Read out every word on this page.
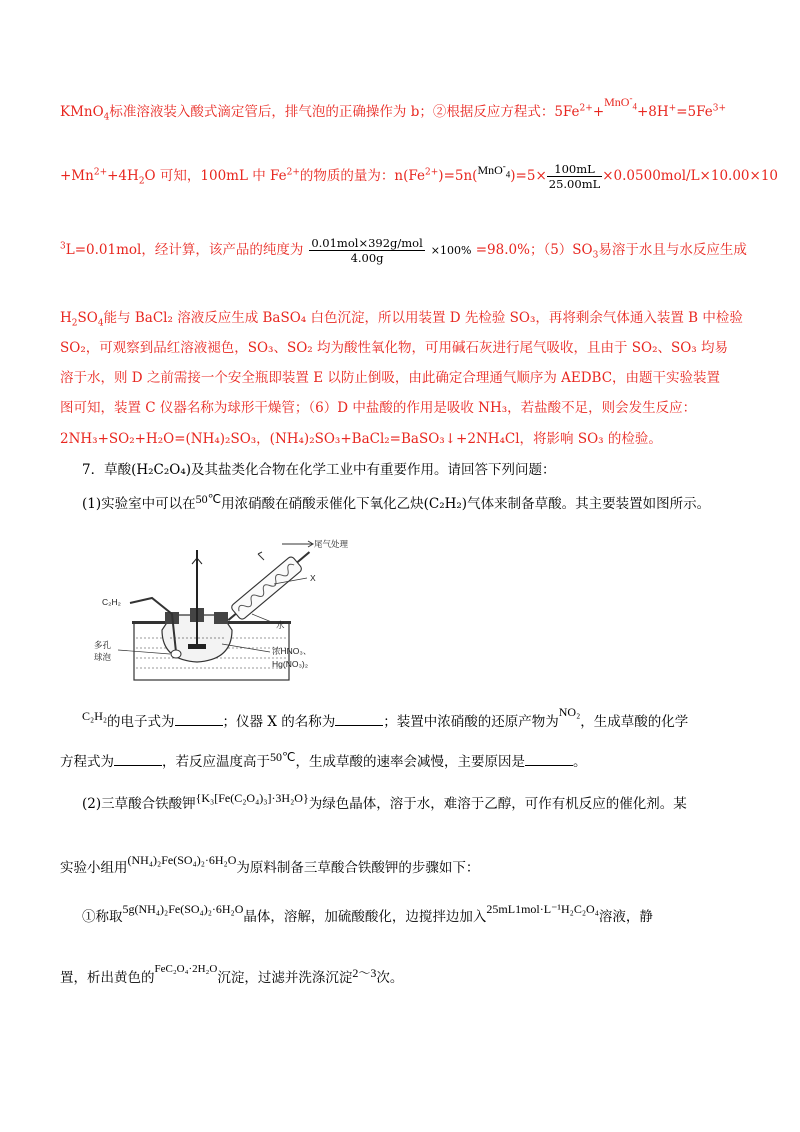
KMnO$_4$标准溶液装入酸式滴定管后，排气泡的正确操作为 b；②根据反应方程式：$5Fe^{2+}+MnO^-_4+8H^+=5Fe^{3+}$
$+Mn^{2+}+4H_2O$ 可知，100mL 中 $Fe^{2+}$的物质的量为：$n(Fe^{2+})=5n(MnO^-_4)=5\times \frac{100mL}{25.00mL} \times 0.0500mol/L\times 10.00\times 10$
$^3$L=0.01mol，经计算，该产品的纯度为 $\frac{\text{0.01mol×392g/mol}}{4.00g} \times 100\% =98.0\%$；$(5)SO_3$易溶于水且与水反应生成
$H_2SO_4$能与 BaCl₂ 溶液反应生成 BaSO₄ 白色沉淀，所以用装置 D 先检验 SO₃，再将剩余气体通入装置 B 中检验
SO₂，可观察到品红溶液褪色，SO₃、SO₂ 均为酸性氧化物，可用碱石灰进行尾气吸收，且由于 SO₂、SO₃ 均易
溶于水，则 D 之前需接一个安全瓶即装置 E 以防止倒吸，由此确定合理通气顺序为 AEDBC，由题干实验装置
图可知，装置 C 仪器名称为球形干燥管；（6）D 中盐酸的作用是吸收 NH₃，若盐酸不足，则会发生反应：
2NH₃+SO₂+H₂O=(NH₄)₂SO₃，(NH₄)₂SO₃+BaCl₂=BaSO₃↓+2NH₄Cl，将影响 SO₃ 的检验。
7．草酸(H₂C₂O₄)及其盐类化合物在化学工业中有重要作用。请回答下列问题：
(1)实验室中可以在50℃用浓硝酸在硝酸汞催化下氧化乙炔(C₂H₂)气体来制备草酸。其主要装置如图所示。
C₂H₂
尾气处理
X
水
多孔
球泡
浓HNO₃、
Hg(NO₃)₂
C₂H₂的电子式为	；仪器 X 的名称为	；装置中浓硝酸的还原产物为NO₂，生成草酸的化学
方程式为	，若反应温度高于50℃，生成草酸的速率会减慢，主要原因是	。
(2)三草酸合铁酸钾{K₃[Fe(C₂O₄)₃]·3H₂O}为绿色晶体，溶于水，难溶于乙醇，可作有机反应的催化剂。某
实验小组用(NH₄)₂Fe(SO₄)₂·6H₂O为原料制备三草酸合铁酸钾的步骤如下：
①称取5g(NH₄)₂Fe(SO₄)₂·6H₂O晶体，溶解，加硫酸酸化，边搅拌边加入25mL1mol·L⁻¹H₂C₂O₄溶液，静
置，析出黄色的$^{FeC_2O_4\cdot 2H_2O}$沉淀，过滤并洗涤沉淀2～3次。
